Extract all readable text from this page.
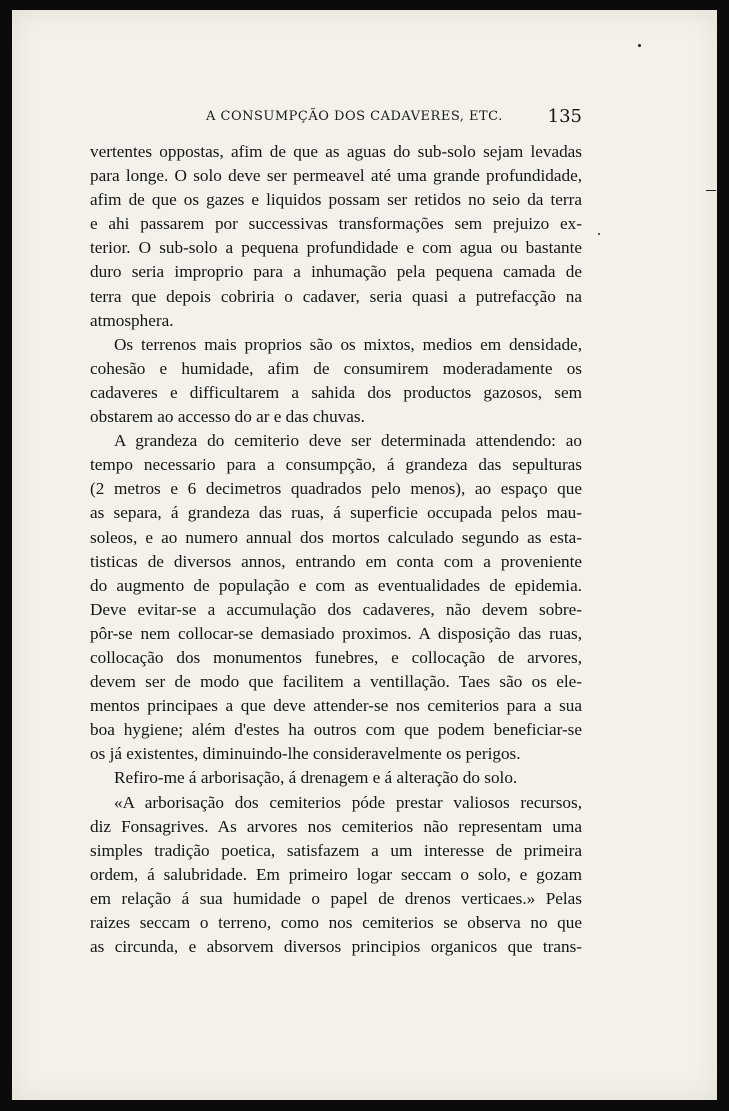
A CONSUMPÇÃO DOS CADAVERES, ETC. 135
vertentes oppostas, afim de que as aguas do sub-solo sejam levadas
para longe. O solo deve ser permeavel até uma grande profundidade,
afim de que os gazes e liquidos possam ser retidos no seio da terra
e ahi passarem por successivas transformações sem prejuizo ex-
terior. O sub-solo a pequena profundidade e com agua ou bastante
duro seria improprio para a inhumação pela pequena camada de
terra que depois cobriria o cadaver, seria quasi a putrefacção na
atmosphera.
Os terrenos mais proprios são os mixtos, medios em densidade,
cohesão e humidade, afim de consumirem moderadamente os
cadaveres e difficultarem a sahida dos productos gazosos, sem
obstarem ao accesso do ar e das chuvas.
A grandeza do cemiterio deve ser determinada attendendo: ao
tempo necessario para a consumpção, á grandeza das sepulturas
(2 metros e 6 decimetros quadrados pelo menos), ao espaço que
as separa, á grandeza das ruas, á superficie occupada pelos mau-
soleos, e ao numero annual dos mortos calculado segundo as esta-
tisticas de diversos annos, entrando em conta com a proveniente
do augmento de população e com as eventualidades de epidemia.
Deve evitar-se a accumulação dos cadaveres, não devem sobre-
pôr-se nem collocar-se demasiado proximos. A disposição das ruas,
collocação dos monumentos funebres, e collocação de arvores,
devem ser de modo que facilitem a ventillação. Taes são os ele-
mentos principaes a que deve attender-se nos cemiterios para a sua
boa hygiene; além d'estes ha outros com que podem beneficiar-se
os já existentes, diminuindo-lhe consideravelmente os perigos.
Refiro-me á arborisação, á drenagem e á alteração do solo.
«A arborisação dos cemiterios póde prestar valiosos recursos,
diz Fonsagrives. As arvores nos cemiterios não representam uma
simples tradição poetica, satisfazem a um interesse de primeira
ordem, á salubridade. Em primeiro logar seccam o solo, e gozam
em relação á sua humidade o papel de drenos verticaes.» Pelas
raizes seccam o terreno, como nos cemiterios se observa no que
as circunda, e absorvem diversos principios organicos que trans-
